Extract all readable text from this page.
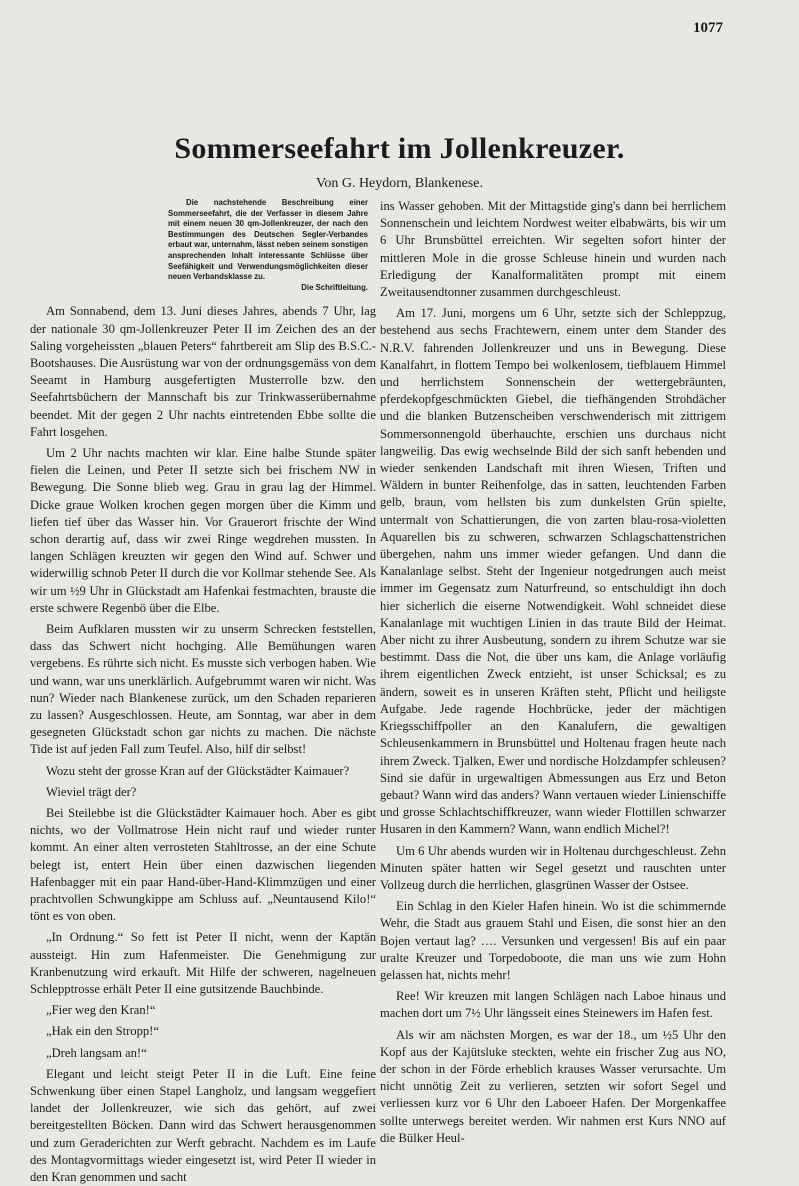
1077
Sommerseefahrt im Jollenkreuzer.
Von G. Heydorn, Blankenese.

Die nachstehende Beschreibung einer Sommerseefahrt, die der Verfasser in diesem Jahre mit einem neuen 30 qm-Jollenkreuzer, der nach den Bestimmungen des Deutschen Segler-Verbandes erbaut war, unternahm, lässt neben seinem sonstigen ansprechenden Inhalt interessante Schlüsse über Seefähigkeit und Verwendungsmöglichkeiten dieser neuen Verbandsklasse zu.
Die Schriftleitung.

Am Sonnabend, dem 13. Juni dieses Jahres, abends 7 Uhr, lag der nationale 30 qm-Jollenkreuzer Peter II im Zeichen des an der Saling vorgeheissten „blauen Peters“ fahrtbereit am Slip des B.S.C.-Bootshauses. Die Ausrüstung war von der ordnungsgemäss von dem Seeamt in Hamburg ausgefertigten Musterrolle bzw. den Seefahrtsbüchern der Mannschaft bis zur Trinkwasserübernahme beendet. Mit der gegen 2 Uhr nachts eintretenden Ebbe sollte die Fahrt losgehen.

Um 2 Uhr nachts machten wir klar. Eine halbe Stunde später fielen die Leinen, und Peter II setzte sich bei frischem NW in Bewegung. Die Sonne blieb weg. Grau in grau lag der Himmel. Dicke graue Wolken krochen gegen morgen über die Kimm und liefen tief über das Wasser hin. Vor Grauerort frischte der Wind schon derartig auf, dass wir zwei Ringe wegdrehen mussten. In langen Schlägen kreuzten wir gegen den Wind auf. Schwer und widerwillig schnob Peter II durch die vor Kollmar stehende See. Als wir um ½9 Uhr in Glückstadt am Hafenkai festmachten, brauste die erste schwere Regenbö über die Elbe.

Beim Aufklaren mussten wir zu unserm Schrecken feststellen, dass das Schwert nicht hochging. Alle Bemühungen waren vergebens. Es rührte sich nicht. Es musste sich verbogen haben. Wie und wann, war uns unerklärlich. Aufgebrummt waren wir nicht. Was nun? Wieder nach Blankenese zurück, um den Schaden reparieren zu lassen? Ausgeschlossen. Heute, am Sonntag, war aber in dem gesegneten Glückstadt schon gar nichts zu machen. Die nächste Tide ist auf jeden Fall zum Teufel. Also, hilf dir selbst!

Wozu steht der grosse Kran auf der Glückstädter Kaimauer?

Wieviel trägt der?

Bei Steilebbe ist die Glückstädter Kaimauer hoch. Aber es gibt nichts, wo der Vollmatrose Hein nicht rauf und wieder runter kommt. An einer alten verrosteten Stahltrosse, an der eine Schute belegt ist, entert Hein über einen dazwischen liegenden Hafenbagger mit ein paar Hand-über-Hand-Klimmzügen und einer prachtvollen Schwungkippe am Schluss auf. „Neuntausend Kilo!“ tönt es von oben.

„In Ordnung.“ So fett ist Peter II nicht, wenn der Kaptän aussteigt. Hin zum Hafenmeister. Die Genehmigung zur Kranbenutzung wird erkauft. Mit Hilfe der schweren, nagelneuen Schlepptrosse erhält Peter II eine gutsitzende Bauchbinde.

„Fier weg den Kran!“

„Hak ein den Stropp!“

„Dreh langsam an!“

Elegant und leicht steigt Peter II in die Luft. Eine feine Schwenkung über einen Stapel Langholz, und langsam weggefiert landet der Jollenkreuzer, wie sich das gehört, auf zwei bereitgestellten Böcken. Dann wird das Schwert herausgenommen und zum Geraderichten zur Werft gebracht. Nachdem es im Laufe des Montagvormittags wieder eingesetzt ist, wird Peter II wieder in den Kran genommen und sacht

ins Wasser gehoben. Mit der Mittagstide ging's dann bei herrlichem Sonnenschein und leichtem Nordwest weiter elbabwärts, bis wir um 6 Uhr Brunsbüttel erreichten. Wir segelten sofort hinter der mittleren Mole in die grosse Schleuse hinein und wurden nach Erledigung der Kanalformalitäten prompt mit einem Zweitausendtonner zusammen durchgeschleust.

Am 17. Juni, morgens um 6 Uhr, setzte sich der Schleppzug, bestehend aus sechs Frachtewern, einem unter dem Stander des N.R.V. fahrenden Jollenkreuzer und uns in Bewegung. Diese Kanalfahrt, in flottem Tempo bei wolkenlosem, tiefblauem Himmel und herrlichstem Sonnenschein der wettergebräunten, pferdekopfgeschmückten Giebel, die tiefhängenden Strohdächer und die blanken Butzenscheiben verschwenderisch mit zittrigem Sommersonnengold überhauchte, erschien uns durchaus nicht langweilig. Das ewig wechselnde Bild der sich sanft hebenden und wieder senkenden Landschaft mit ihren Wiesen, Triften und Wäldern in bunter Reihenfolge, das in satten, leuchtenden Farben gelb, braun, vom hellsten bis zum dunkelsten Grün spielte, untermalt von Schattierungen, die von zarten blau-rosa-violetten Aquarellen bis zu schweren, schwarzen Schlagschattenstrichen übergehen, nahm uns immer wieder gefangen. Und dann die Kanalanlage selbst. Steht der Ingenieur notgedrungen auch meist immer im Gegensatz zum Naturfreund, so entschuldigt ihn doch hier sicherlich die eiserne Notwendigkeit. Wohl schneidet diese Kanalanlage mit wuchtigen Linien in das traute Bild der Heimat. Aber nicht zu ihrer Ausbeutung, sondern zu ihrem Schutze war sie bestimmt. Dass die Not, die über uns kam, die Anlage vorläufig ihrem eigentlichen Zweck entzieht, ist unser Schicksal; es zu ändern, soweit es in unseren Kräften steht, Pflicht und heiligste Aufgabe. Jede ragende Hochbrücke, jeder der mächtigen Kriegsschiffpoller an den Kanalufern, die gewaltigen Schleusenkammern in Brunsbüttel und Holtenau fragen heute nach ihrem Zweck. Tjalken, Ewer und nordische Holzdampfer schleusen? Sind sie dafür in urgewaltigen Abmessungen aus Erz und Beton gebaut? Wann wird das anders? Wann vertauen wieder Linienschiffe und grosse Schlachtschiffkreuzer, wann wieder Flottillen schwarzer Husaren in den Kammern? Wann, wann endlich Michel?!

Um 6 Uhr abends wurden wir in Holtenau durchgeschleust. Zehn Minuten später hatten wir Segel gesetzt und rauschten unter Vollzeug durch die herrlichen, glasgrünen Wasser der Ostsee.

Ein Schlag in den Kieler Hafen hinein. Wo ist die schimmernde Wehr, die Stadt aus grauem Stahl und Eisen, die sonst hier an den Bojen vertaut lag? …. Versunken und vergessen! Bis auf ein paar uralte Kreuzer und Torpedoboote, die man uns wie zum Hohn gelassen hat, nichts mehr!

Ree! Wir kreuzen mit langen Schlägen nach Laboe hinaus und machen dort um 7½ Uhr längsseit eines Steinewers im Hafen fest.

Als wir am nächsten Morgen, es war der 18., um ½5 Uhr den Kopf aus der Kajütsluke steckten, wehte ein frischer Zug aus NO, der schon in der Förde erheblich krauses Wasser verursachte. Um nicht unnötig Zeit zu verlieren, setzten wir sofort Segel und verliessen kurz vor 6 Uhr den Laboeer Hafen. Der Morgenkaffee sollte unterwegs bereitet werden. Wir nahmen erst Kurs NNO auf die Bülker Heul-
